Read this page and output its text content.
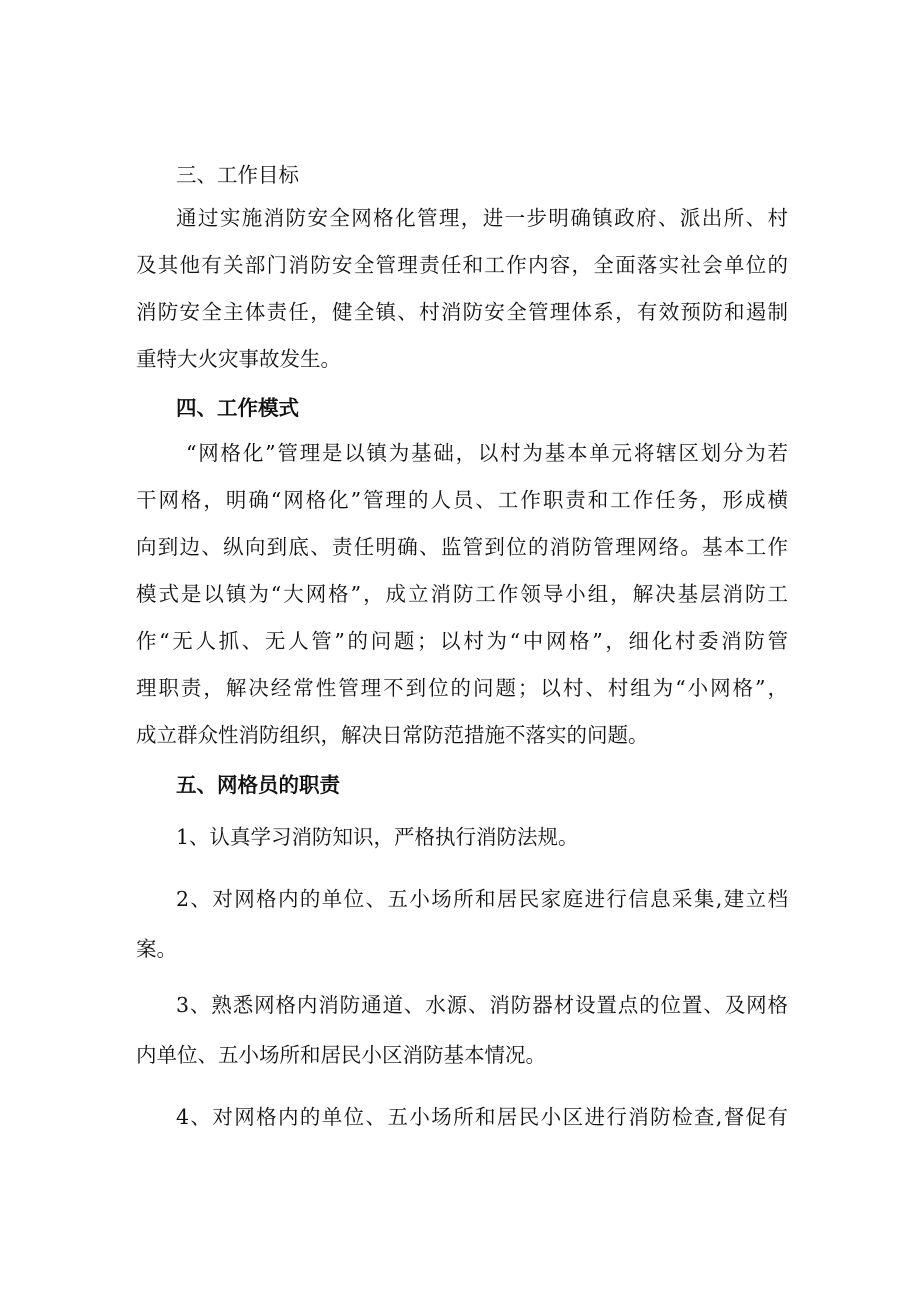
三、工作目标

通过实施消防安全网格化管理，进一步明确镇政府、派出所、村

及其他有关部门消防安全管理责任和工作内容，全面落实社会单位的

消防安全主体责任，健全镇、村消防安全管理体系，有效预防和遏制

重特大火灾事故发生。

四、工作模式

“网格化”管理是以镇为基础，以村为基本单元将辖区划分为若

干网格，明确“网格化”管理的人员、工作职责和工作任务，形成横

向到边、纵向到底、责任明确、监管到位的消防管理网络。基本工作

模式是以镇为“大网格”，成立消防工作领导小组，解决基层消防工

作“无人抓、无人管”的问题；以村为“中网格”，细化村委消防管

理职责，解决经常性管理不到位的问题；以村、村组为“小网格”，

成立群众性消防组织，解决日常防范措施不落实的问题。

五、网格员的职责

1、认真学习消防知识，严格执行消防法规。

2、对网格内的单位、五小场所和居民家庭进行信息采集,建立档

案。

3、熟悉网格内消防通道、水源、消防器材设置点的位置、及网格

内单位、五小场所和居民小区消防基本情况。

4、对网格内的单位、五小场所和居民小区进行消防检查,督促有
